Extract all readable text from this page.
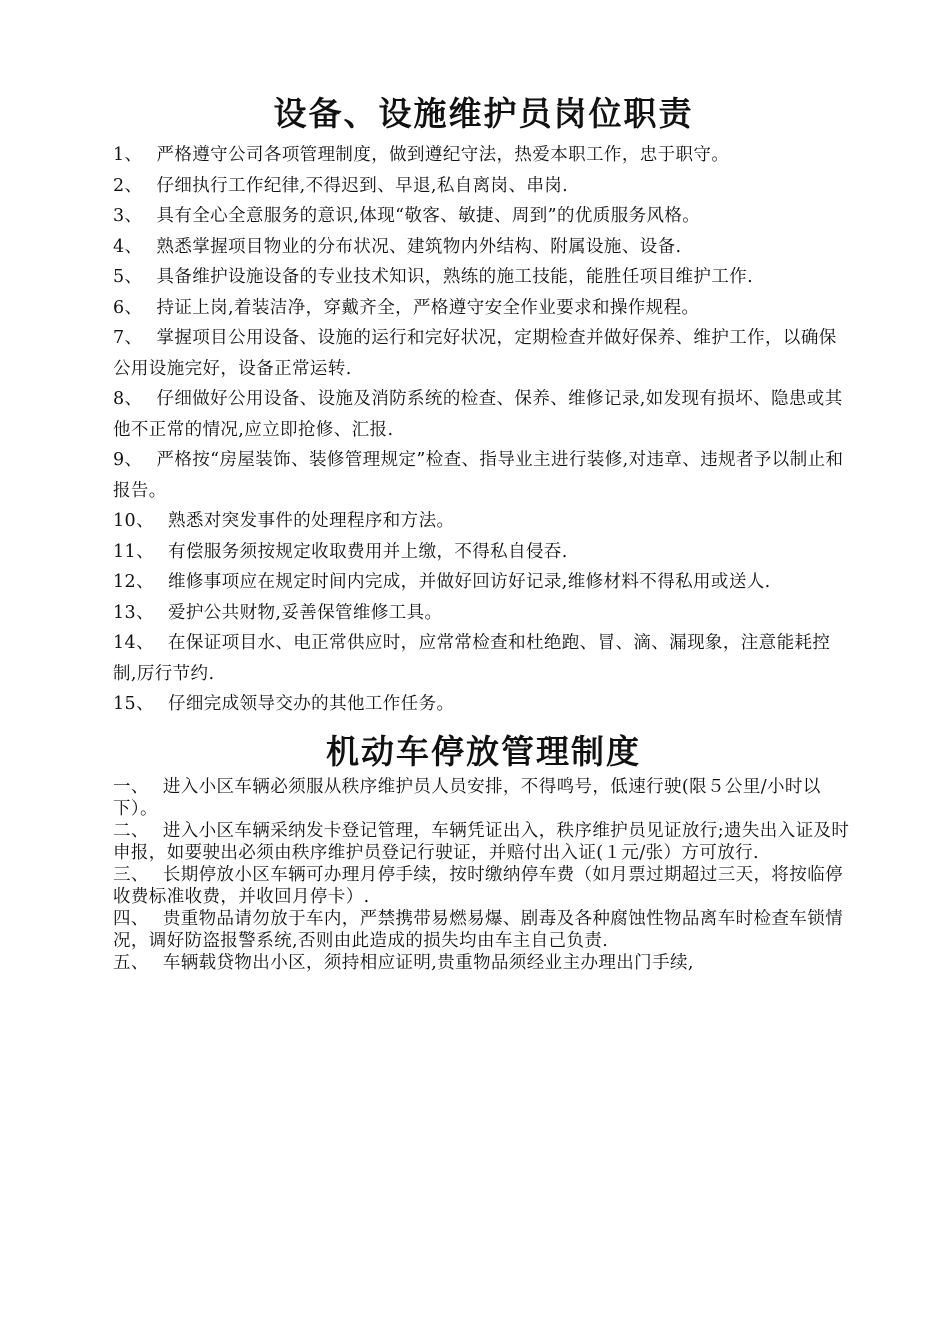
设备、设施维护员岗位职责

1、 严格遵守公司各项管理制度，做到遵纪守法，热爱本职工作，忠于职守。

2、 仔细执行工作纪律,不得迟到、早退,私自离岗、串岗.

3、 具有全心全意服务的意识,体现“敬客、敏捷、周到”的优质服务风格。

4、 熟悉掌握项目物业的分布状况、建筑物内外结构、附属设施、设备.

5、 具备维护设施设备的专业技术知识，熟练的施工技能，能胜任项目维护工作.

6、 持证上岗,着装洁净，穿戴齐全，严格遵守安全作业要求和操作规程。

7、 掌握项目公用设备、设施的运行和完好状况，定期检查并做好保养、维护工作，以确保公用设施完好，设备正常运转.

8、 仔细做好公用设备、设施及消防系统的检查、保养、维修记录,如发现有损坏、隐患或其他不正常的情况,应立即抢修、汇报.

9、 严格按“房屋装饰、装修管理规定”检查、指导业主进行装修,对违章、违规者予以制止和报告。

10、 熟悉对突发事件的处理程序和方法。

11、 有偿服务须按规定收取费用并上缴，不得私自侵吞.

12、 维修事项应在规定时间内完成，并做好回访好记录,维修材料不得私用或送人.

13、 爱护公共财物,妥善保管维修工具。

14、 在保证项目水、电正常供应时，应常常检查和杜绝跑、冒、滴、漏现象，注意能耗控制,厉行节约.

15、 仔细完成领导交办的其他工作任务。

机动车停放管理制度

一、 进入小区车辆必须服从秩序维护员人员安排，不得鸣号，低速行驶(限５公里/小时以下）。

二、 进入小区车辆采纳发卡登记管理，车辆凭证出入，秩序维护员见证放行;遗失出入证及时申报，如要驶出必须由秩序维护员登记行驶证，并赔付出入证(１元/张）方可放行.

三、 长期停放小区车辆可办理月停手续，按时缴纳停车费（如月票过期超过三天，将按临停收费标准收费，并收回月停卡）.

四、 贵重物品请勿放于车内，严禁携带易燃易爆、剧毒及各种腐蚀性物品离车时检查车锁情况，调好防盗报警系统,否则由此造成的损失均由车主自己负责.

五、 车辆载贷物出小区，须持相应证明,贵重物品须经业主办理出门手续,
